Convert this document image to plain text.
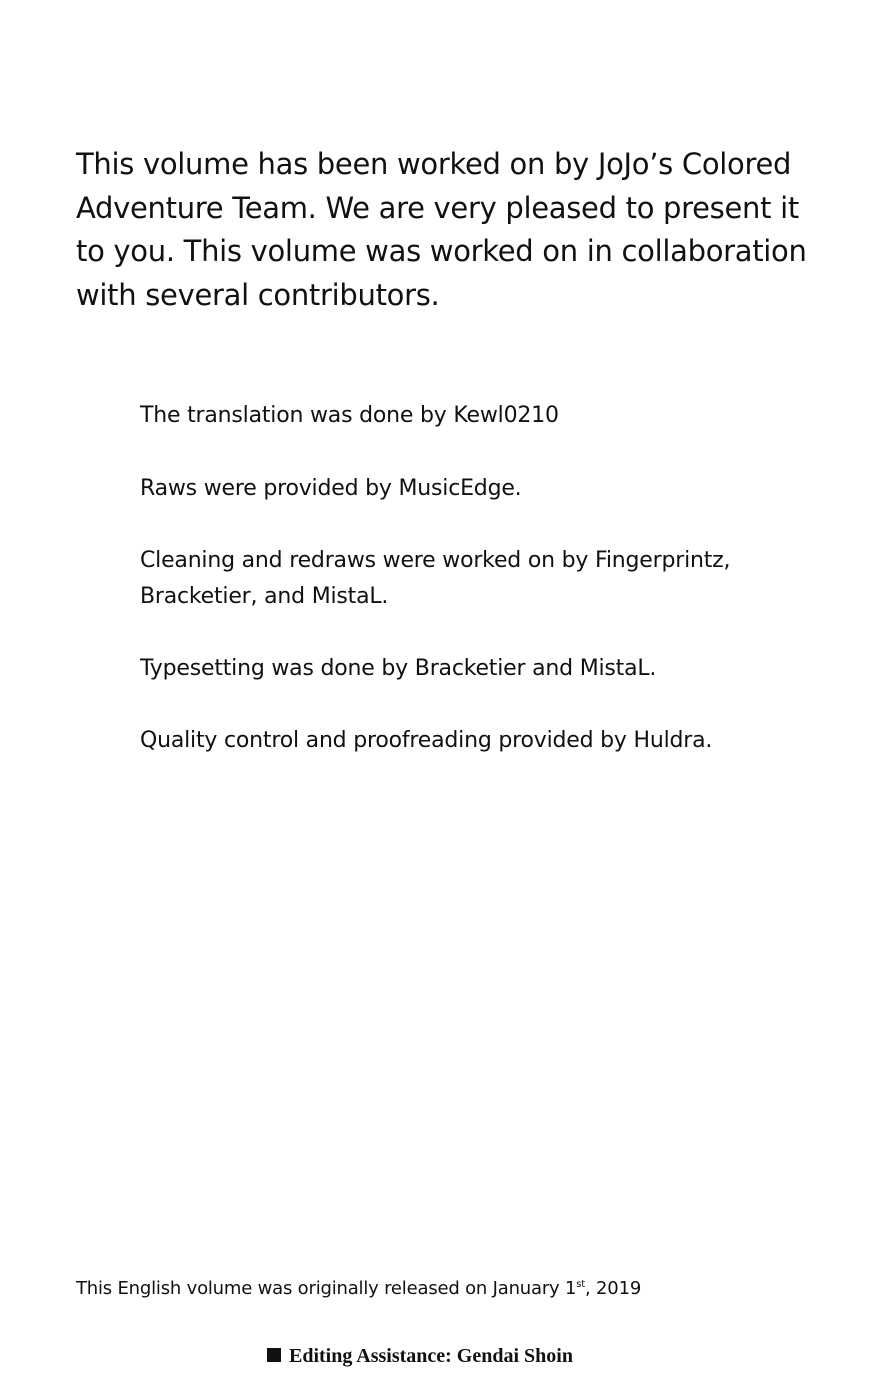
This volume has been worked on by JoJo’s Colored Adventure Team. We are very pleased to present it to you. This volume was worked on in collaboration with several contributors.

The translation was done by Kewl0210
Raws were provided by MusicEdge.
Cleaning and redraws were worked on by Fingerprintz, Bracketier, and MistaL.
Typesetting was done by Bracketier and MistaL.
Quality control and proofreading provided by Huldra.

This English volume was originally released on January 1st, 2019

Editing Assistance: Gendai Shoin
